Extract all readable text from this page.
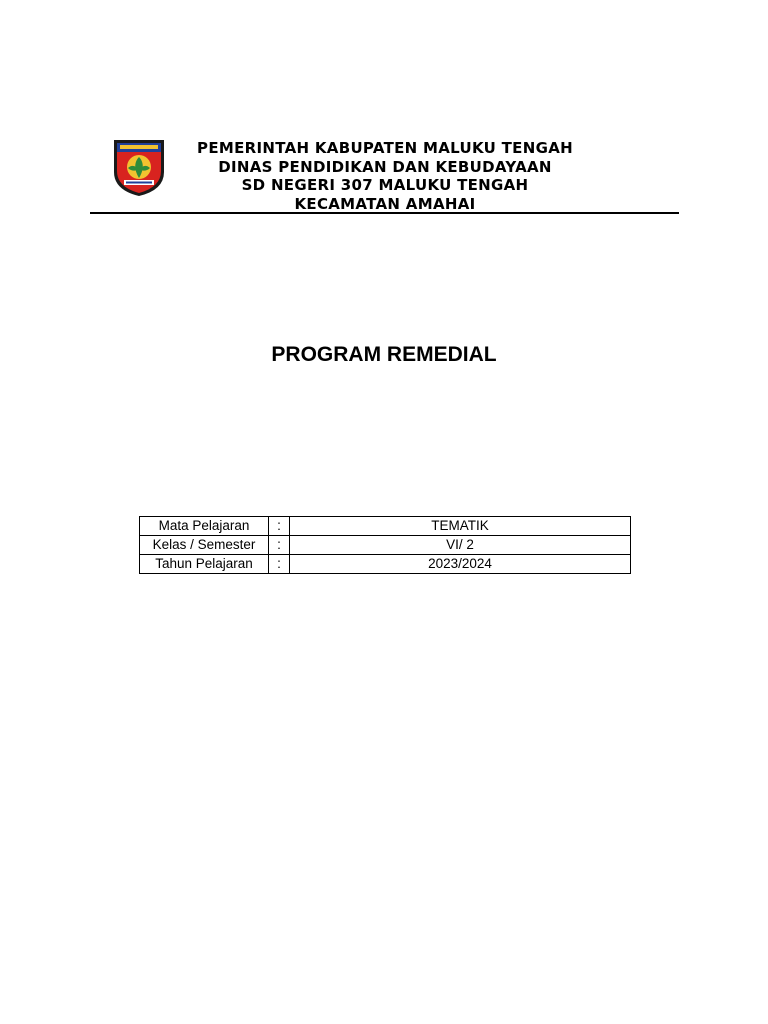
PEMERINTAH KABUPATEN MALUKU TENGAH
DINAS PENDIDIKAN DAN KEBUDAYAAN
SD NEGERI 307 MALUKU TENGAH
KECAMATAN AMAHAI
PROGRAM REMEDIAL
Mata Pelajaran	:	TEMATIK
Kelas / Semester	:	VI/ 2
Tahun Pelajaran	:	2023/2024
